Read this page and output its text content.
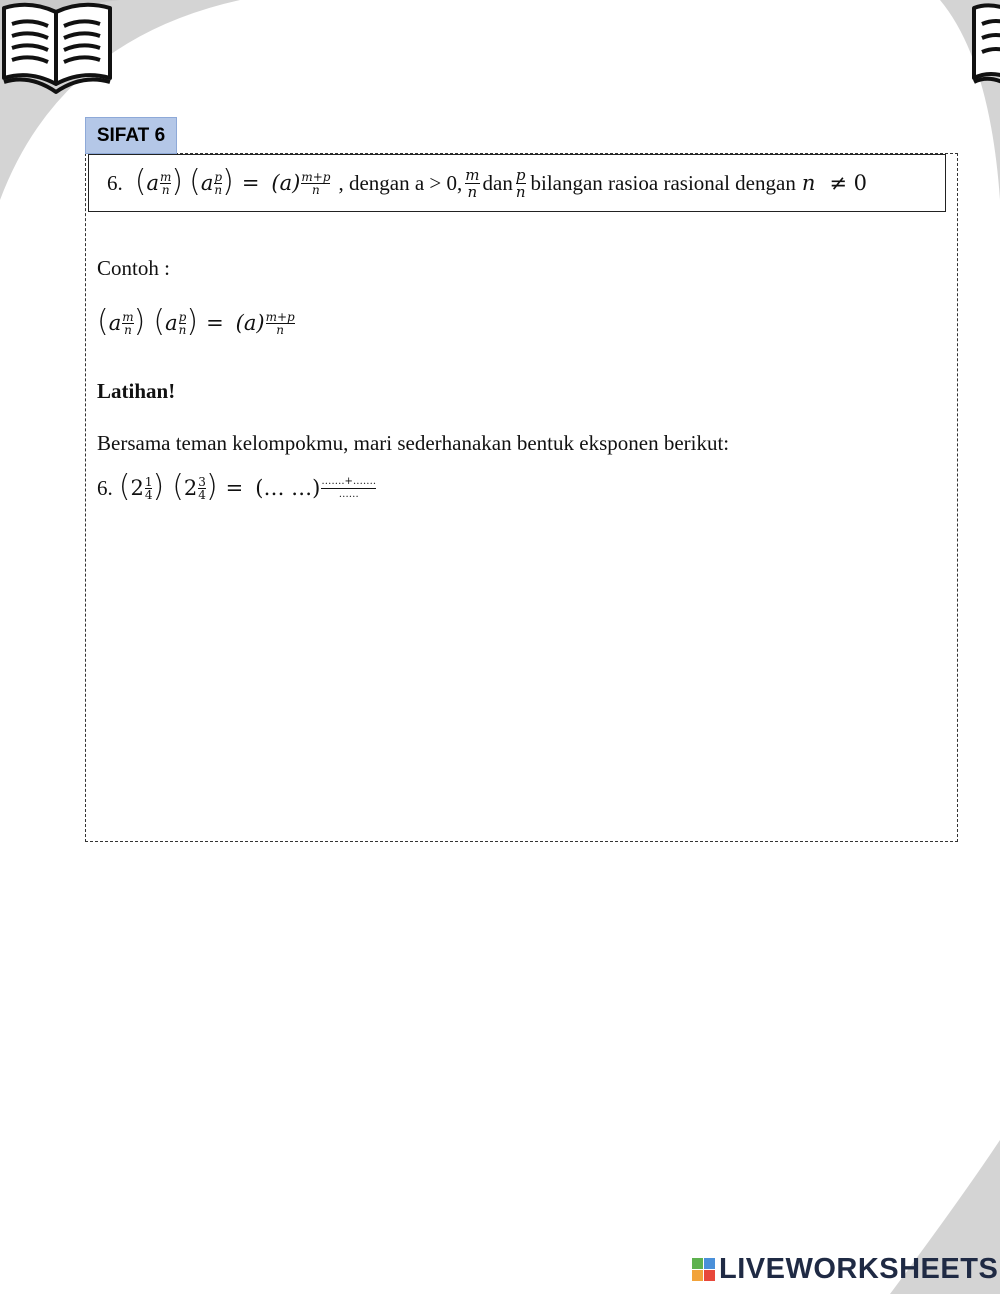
SIFAT 6
6. ( a m
n ) ( a p
n ) = (a) m+p
n , dengan a > 0, $\frac{m}{n}$ dan $\frac{p}{n}$ bilangan rasioa rasional dengan n ≠ 0
Contoh :
( a m
n ) ( a p
n ) = (a) m+p
n
Latihan!
Bersama teman kelompokmu, mari sederhanakan bentuk eksponen berikut:
6. ( 2 1
4 ) ( 2 3
4 ) = (… …) …….+…….
……
LIVEWORKSHEETS
